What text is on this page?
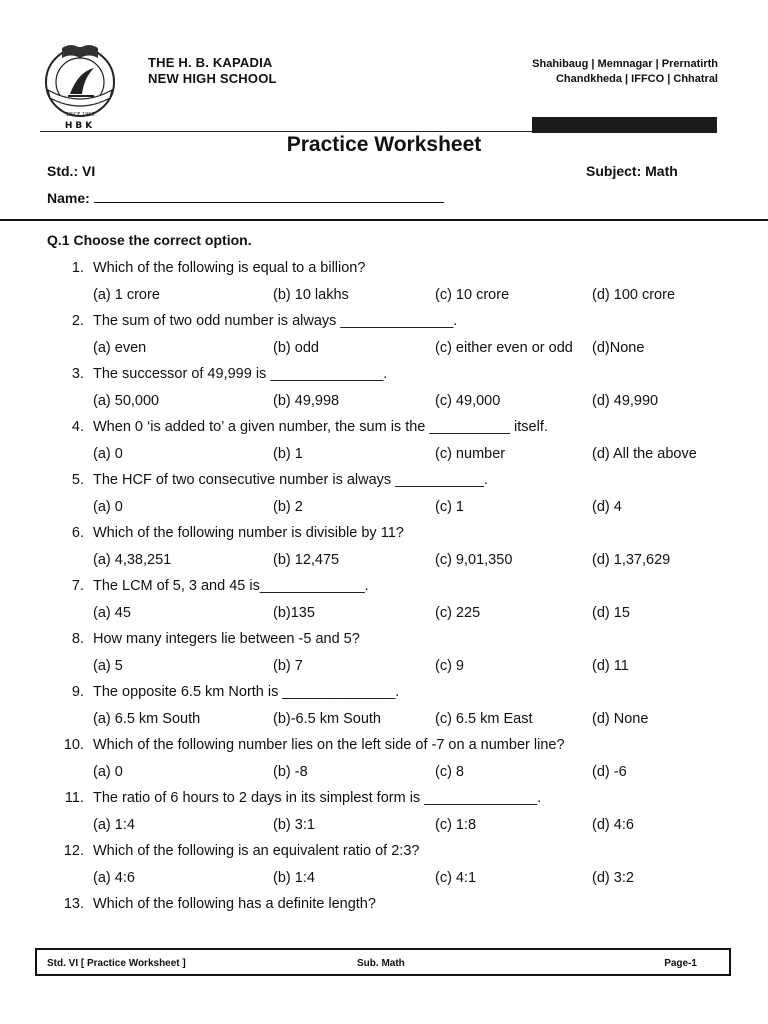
SINCE 1956
HBK
THE H. B. KAPADIA
NEW HIGH SCHOOL
Shahibaug | Memnagar | Prernatirth
Chandkheda | IFFCO | Chhatral
Practice Worksheet
Std.: VI	Subject: Math
Name:
Q.1 Choose the correct option.
1. Which of the following is equal to a billion?
(a) 1 crore	(b) 10 lakhs	(c) 10 crore	(d) 100 crore
2. The sum of two odd number is always ______________.
(a) even	(b) odd	(c) either even or odd (d)None
3. The successor of 49,999 is ______________.
(a) 50,000	(b) 49,998	(c) 49,000	(d) 49,990
4. When 0 ‘is added to’ a given number, the sum is the __________ itself.
(a) 0	(b) 1	(c) number	(d) All the above
5. The HCF of two consecutive number is always ___________.
(a) 0	(b) 2	(c) 1	(d) 4
6. Which of the following number is divisible by 11?
(a) 4,38,251	(b) 12,475	(c) 9,01,350	(d) 1,37,629
7. The LCM of 5, 3 and 45 is_____________.
(a) 45	(b)135	(c) 225	(d) 15
8. How many integers lie between -5 and 5?
(a) 5	(b) 7	(c) 9	(d) 11
9. The opposite 6.5 km North is ______________.
(a) 6.5 km South	(b)-6.5 km South	(c) 6.5 km East	(d) None
10. Which of the following number lies on the left side of -7 on a number line?
(a) 0	(b) -8	(c) 8	(d) -6
11. The ratio of 6 hours to 2 days in its simplest form is ______________.
(a) 1:4	(b) 3:1	(c) 1:8	(d) 4:6
12. Which of the following is an equivalent ratio of 2:3?
(a) 4:6	(b) 1:4	(c) 4:1	(d) 3:2
13. Which of the following has a definite length?
Std. VI [ Practice Worksheet ]	Sub. Math	Page-1
